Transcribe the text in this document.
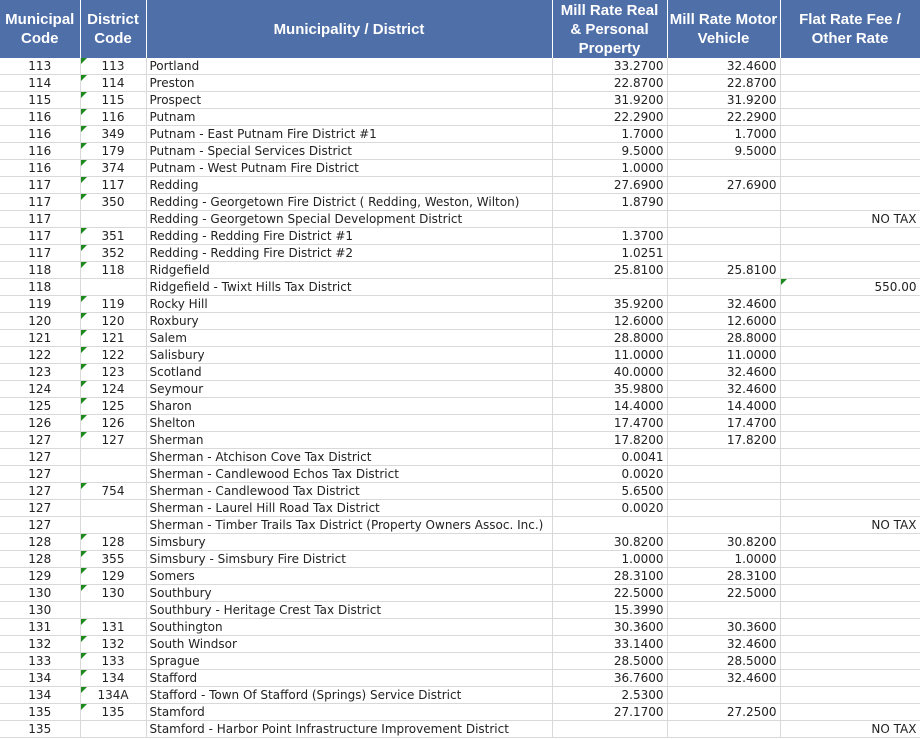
Municipal Code	District Code	Municipality / District	Mill Rate Real & Personal Property	Mill Rate Motor Vehicle	Flat Rate Fee / Other Rate
113	113	Portland	33.2700	32.4600	
114	114	Preston	22.8700	22.8700	
115	115	Prospect	31.9200	31.9200	
116	116	Putnam	22.2900	22.2900	
116	349	Putnam - East Putnam Fire District #1	1.7000	1.7000	
116	179	Putnam - Special Services District	9.5000	9.5000	
116	374	Putnam - West Putnam Fire District	1.0000		
117	117	Redding	27.6900	27.6900	
117	350	Redding - Georgetown Fire District ( Redding, Weston, Wilton)	1.8790		
117		Redding - Georgetown Special Development District			NO TAX
117	351	Redding - Redding Fire District #1	1.3700		
117	352	Redding - Redding Fire District #2	1.0251		
118	118	Ridgefield	25.8100	25.8100	
118		Ridgefield - Twixt Hills Tax District			550.00
119	119	Rocky Hill	35.9200	32.4600	
120	120	Roxbury	12.6000	12.6000	
121	121	Salem	28.8000	28.8000	
122	122	Salisbury	11.0000	11.0000	
123	123	Scotland	40.0000	32.4600	
124	124	Seymour	35.9800	32.4600	
125	125	Sharon	14.4000	14.4000	
126	126	Shelton	17.4700	17.4700	
127	127	Sherman	17.8200	17.8200	
127		Sherman - Atchison Cove Tax District	0.0041		
127		Sherman - Candlewood Echos Tax District	0.0020		
127	754	Sherman - Candlewood Tax District	5.6500		
127		Sherman - Laurel Hill Road Tax District	0.0020		
127		Sherman - Timber Trails Tax District (Property Owners Assoc. Inc.)			NO TAX
128	128	Simsbury	30.8200	30.8200	
128	355	Simsbury - Simsbury Fire District	1.0000	1.0000	
129	129	Somers	28.3100	28.3100	
130	130	Southbury	22.5000	22.5000	
130		Southbury - Heritage Crest Tax District	15.3990		
131	131	Southington	30.3600	30.3600	
132	132	South Windsor	33.1400	32.4600	
133	133	Sprague	28.5000	28.5000	
134	134	Stafford	36.7600	32.4600	
134	134A	Stafford - Town Of Stafford (Springs) Service District	2.5300		
135	135	Stamford	27.1700	27.2500	
135		Stamford - Harbor Point Infrastructure Improvement District			NO TAX
